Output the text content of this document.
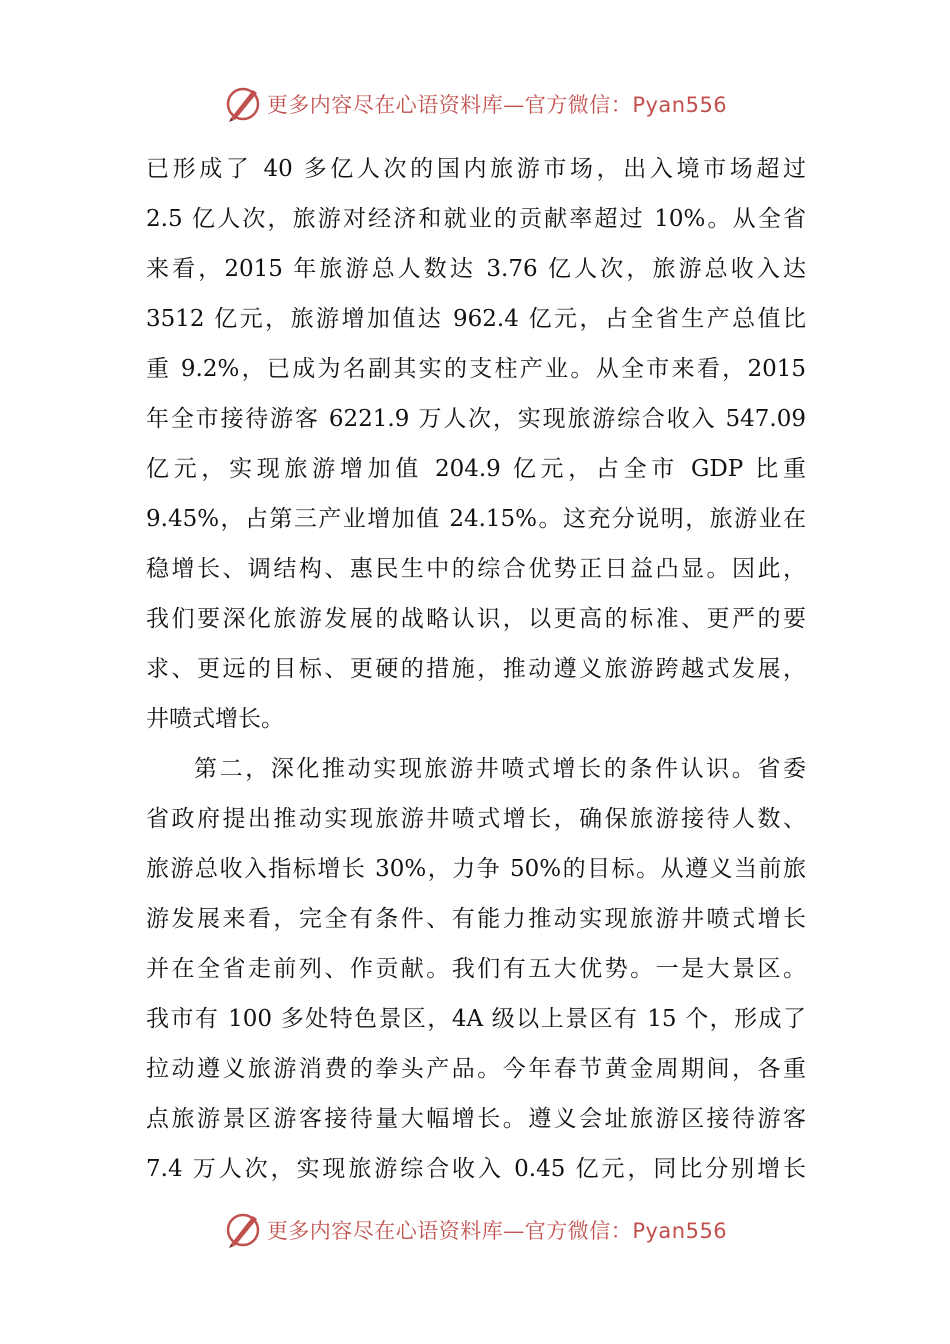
更多内容尽在心语资料库—官方微信：Pyan556

已形成了 40 多亿人次的国内旅游市场，出入境市场超过

2.5 亿人次，旅游对经济和就业的贡献率超过 10%。从全省

来看，2015 年旅游总人数达 3.76 亿人次，旅游总收入达

3512 亿元，旅游增加值达 962.4 亿元，占全省生产总值比

重 9.2%，已成为名副其实的支柱产业。从全市来看，2015

年全市接待游客 6221.9 万人次，实现旅游综合收入 547.09

亿元，实现旅游增加值 204.9 亿元，占全市 GDP 比重

9.45%，占第三产业增加值 24.15%。这充分说明，旅游业在

稳增长、调结构、惠民生中的综合优势正日益凸显。因此，

我们要深化旅游发展的战略认识，以更高的标准、更严的要

求、更远的目标、更硬的措施，推动遵义旅游跨越式发展，

井喷式增长。

第二，深化推动实现旅游井喷式增长的条件认识。省委

省政府提出推动实现旅游井喷式增长，确保旅游接待人数、

旅游总收入指标增长 30%，力争 50%的目标。从遵义当前旅

游发展来看，完全有条件、有能力推动实现旅游井喷式增长

并在全省走前列、作贡献。我们有五大优势。一是大景区。

我市有 100 多处特色景区，4A 级以上景区有 15 个，形成了

拉动遵义旅游消费的拳头产品。今年春节黄金周期间，各重

点旅游景区游客接待量大幅增长。遵义会址旅游区接待游客

7.4 万人次，实现旅游综合收入 0.45 亿元，同比分别增长

更多内容尽在心语资料库—官方微信：Pyan556
